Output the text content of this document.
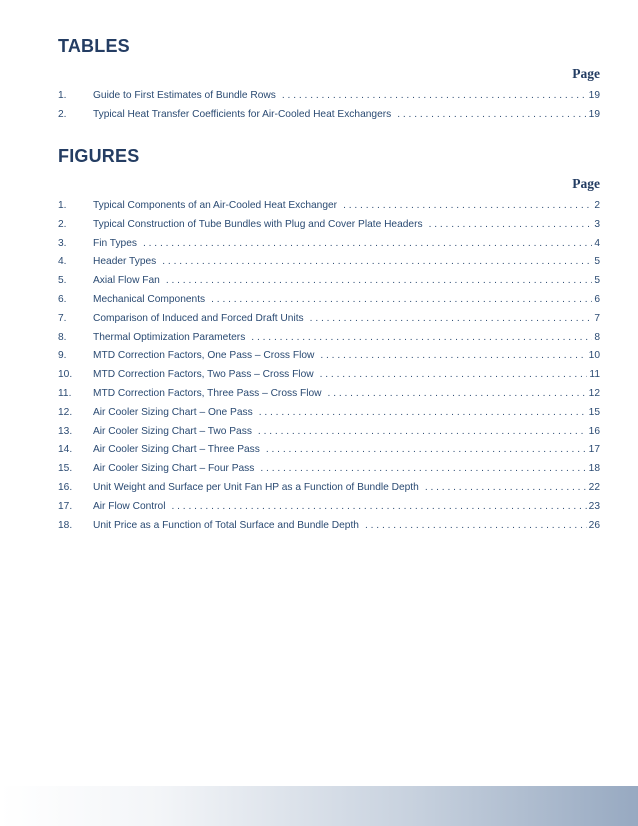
TABLES
Page
1.	Guide to First Estimates of Bundle Rows . . .	19
2.	Typical Heat Transfer Coefficients for Air-Cooled Heat Exchangers . . .	19
FIGURES
Page
1.	Typical Components of an Air-Cooled Heat Exchanger . . .	2
2.	Typical Construction of Tube Bundles with Plug and Cover Plate Headers . . .	3
3.	Fin Types . . .	4
4.	Header Types . . .	5
5.	Axial Flow Fan . . .	5
6.	Mechanical Components . . .	6
7.	Comparison of Induced and Forced Draft Units . . .	7
8.	Thermal Optimization Parameters . . .	8
9.	MTD Correction Factors, One Pass – Cross Flow . . .	10
10.	MTD Correction Factors, Two Pass – Cross Flow . . .	11
11.	MTD Correction Factors, Three Pass – Cross Flow . . .	12
12.	Air Cooler Sizing Chart – One Pass . . .	15
13.	Air Cooler Sizing Chart – Two Pass . . .	16
14.	Air Cooler Sizing Chart – Three Pass . . .	17
15.	Air Cooler Sizing Chart – Four Pass . . .	18
16.	Unit Weight and Surface per Unit Fan HP as a Function of Bundle Depth . . .	22
17.	Air Flow Control . . .	23
18.	Unit Price as a Function of Total Surface and Bundle Depth . . .	26
